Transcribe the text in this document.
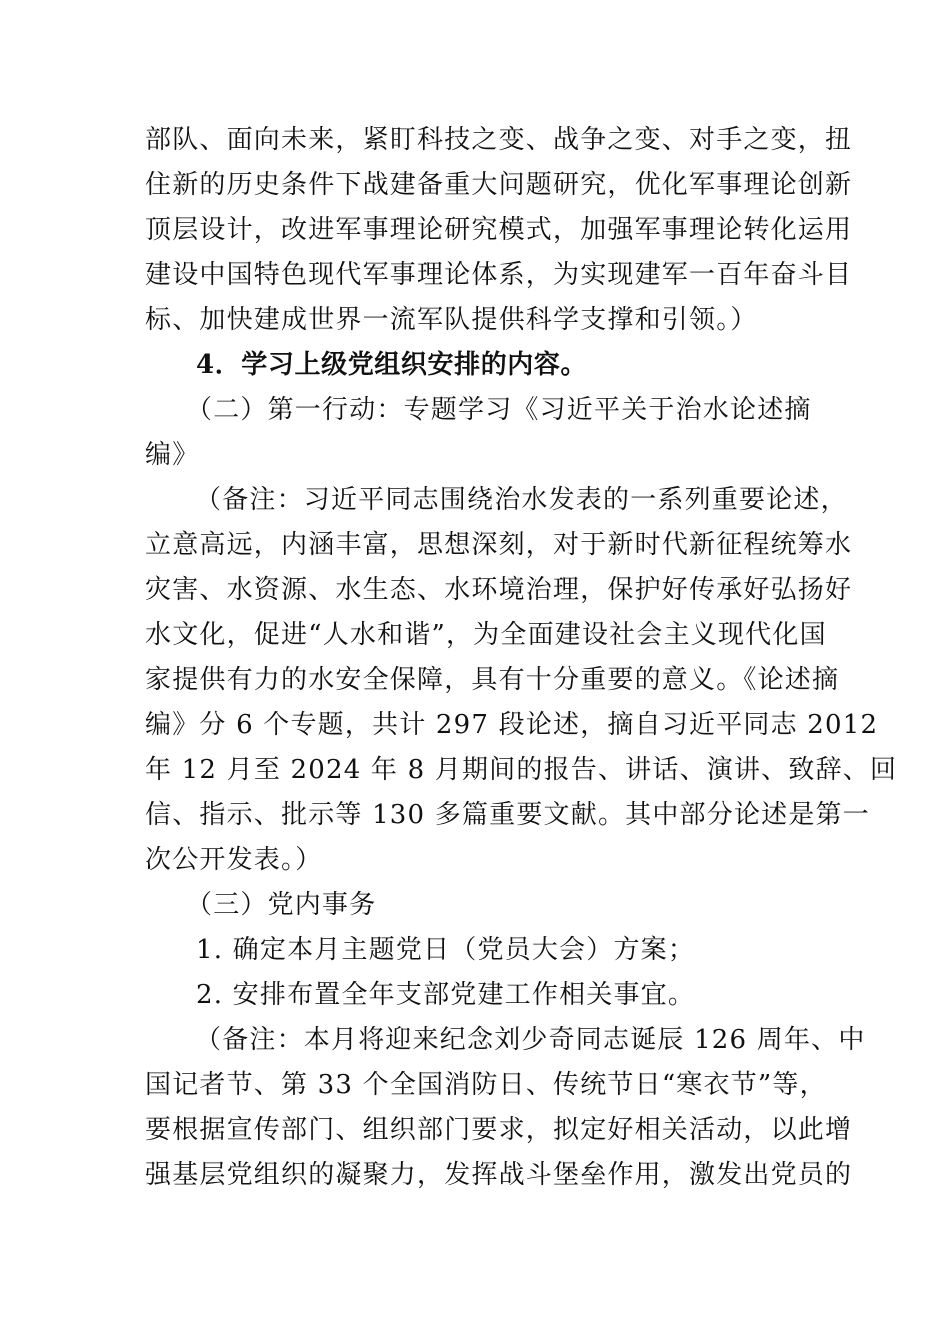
部队、面向未来，紧盯科技之变、战争之变、对手之变，扭
住新的历史条件下战建备重大问题研究，优化军事理论创新
顶层设计，改进军事理论研究模式，加强军事理论转化运用
建设中国特色现代军事理论体系，为实现建军一百年奋斗目
标、加快建成世界一流军队提供科学支撑和引领。）
4．学习上级党组织安排的内容。
（二）第一行动：专题学习《习近平关于治水论述摘
编》
（备注：习近平同志围绕治水发表的一系列重要论述，
立意高远，内涵丰富，思想深刻，对于新时代新征程统筹水
灾害、水资源、水生态、水环境治理，保护好传承好弘扬好
水文化，促进“人水和谐”，为全面建设社会主义现代化国
家提供有力的水安全保障，具有十分重要的意义。《论述摘
编》分 6 个专题，共计 297 段论述，摘自习近平同志 2012
年 12 月至 2024 年 8 月期间的报告、讲话、演讲、致辞、回
信、指示、批示等 130 多篇重要文献。其中部分论述是第一
次公开发表。）
（三）党内事务
1. 确定本月主题党日（党员大会）方案；
2. 安排布置全年支部党建工作相关事宜。
（备注：本月将迎来纪念刘少奇同志诞辰 126 周年、中
国记者节、第 33 个全国消防日、传统节日“寒衣节”等，
要根据宣传部门、组织部门要求，拟定好相关活动，以此增
强基层党组织的凝聚力，发挥战斗堡垒作用，激发出党员的
